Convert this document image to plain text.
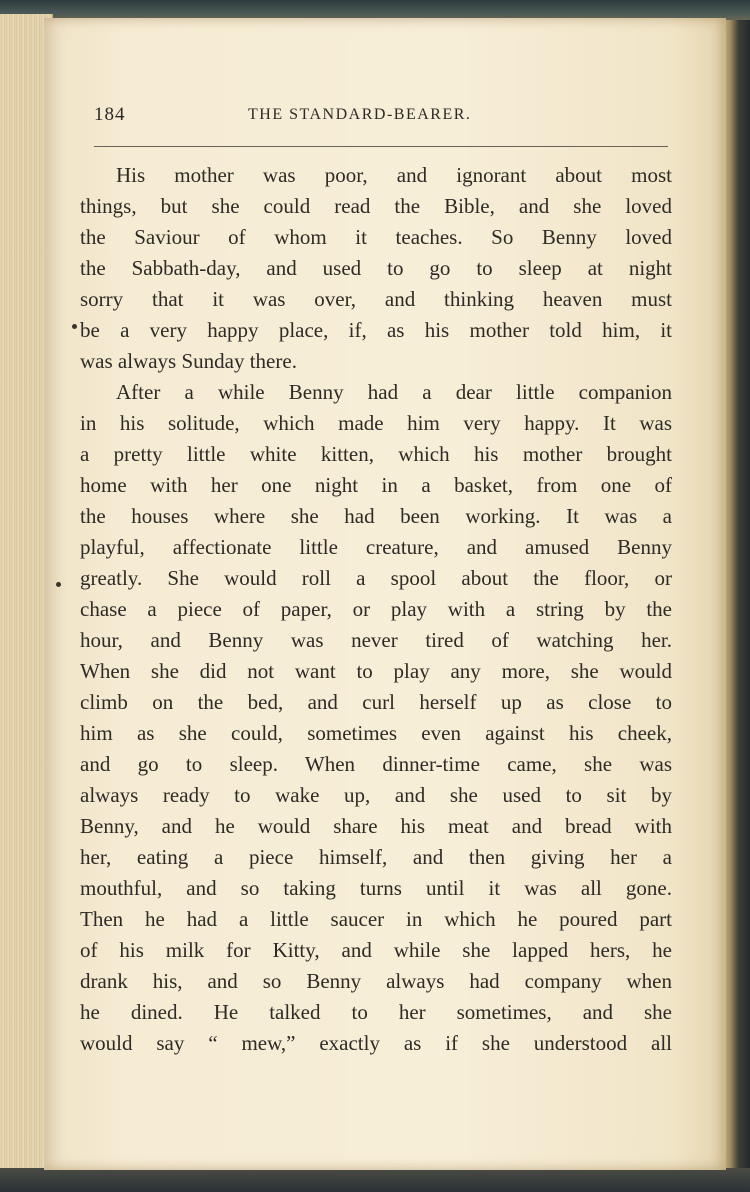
184	THE STANDARD-BEARER.
His mother was poor, and ignorant about most
things, but she could read the Bible, and she loved
the Saviour of whom it teaches. So Benny loved
the Sabbath-day, and used to go to sleep at night
sorry that it was over, and thinking heaven must
be a very happy place, if, as his mother told him, it
was always Sunday there.
After a while Benny had a dear little companion
in his solitude, which made him very happy. It was
a pretty little white kitten, which his mother brought
home with her one night in a basket, from one of
the houses where she had been working. It was a
playful, affectionate little creature, and amused Benny
greatly. She would roll a spool about the floor, or
chase a piece of paper, or play with a string by the
hour, and Benny was never tired of watching her.
When she did not want to play any more, she would
climb on the bed, and curl herself up as close to
him as she could, sometimes even against his cheek,
and go to sleep. When dinner-time came, she was
always ready to wake up, and she used to sit by
Benny, and he would share his meat and bread with
her, eating a piece himself, and then giving her a
mouthful, and so taking turns until it was all gone.
Then he had a little saucer in which he poured part
of his milk for Kitty, and while she lapped hers, he
drank his, and so Benny always had company when
he dined. He talked to her sometimes, and she
would say “ mew,” exactly as if she understood all
